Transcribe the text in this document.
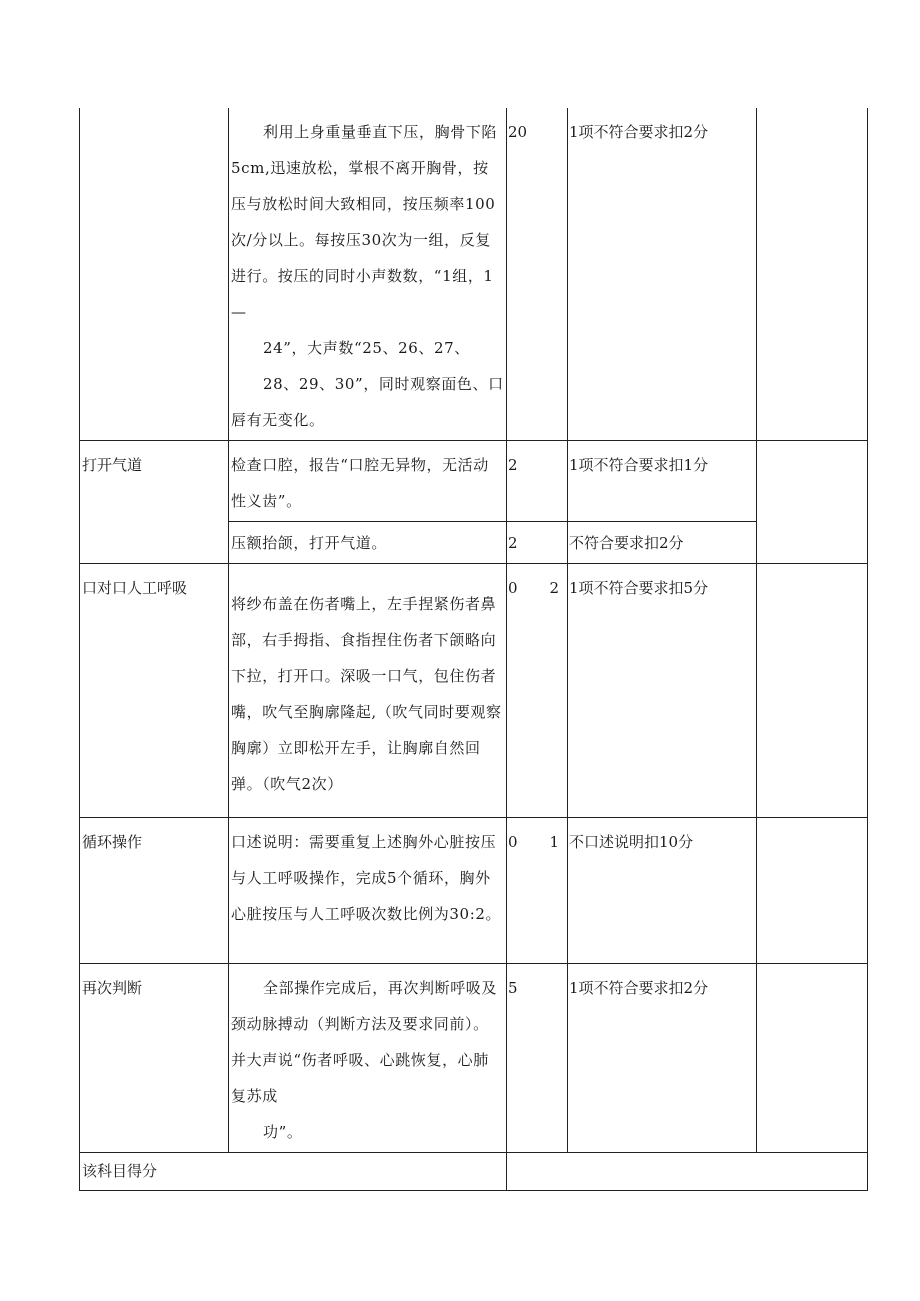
	利用上身重量垂直下压，胸骨下陷5cm,迅速放松，掌根不离开胸骨，按压与放松时间大致相同，按压频率100次/分以上。每按压30次为一组，反复进行。按压的同时小声数数，“1组，1—

24”，大声数“25、26、27、

28、29、30”，同时观察面色、口唇有无变化。	20	1项不符合要求扣2分	
打开气道	检查口腔，报告“口腔无异物，无活动性义齿”。	2	1项不符合要求扣1分	

	压额抬颌，打开气道。	2	不符合要求扣2分	
口对口人工呼吸	将纱布盖在伤者嘴上，左手捏紧伤者鼻部，右手拇指、食指捏住伤者下颌略向下拉，打开口。深吸一口气，包住伤者嘴，吹气至胸廓隆起,（吹气同时要观察胸廓）立即松开左手，让胸廓自然回弹。（吹气2次）	0 2	1项不符合要求扣5分	
循环操作	口述说明：需要重复上述胸外心脏按压与人工呼吸操作，完成5个循环，胸外心脏按压与人工呼吸次数比例为30:2。	0 1	不口述说明扣10分	
再次判断	全部操作完成后，再次判断呼吸及颈动脉搏动（判断方法及要求同前）。并大声说“伤者呼吸、心跳恢复，心肺复苏成

功”。	5	1项不符合要求扣2分	
该科目得分				
